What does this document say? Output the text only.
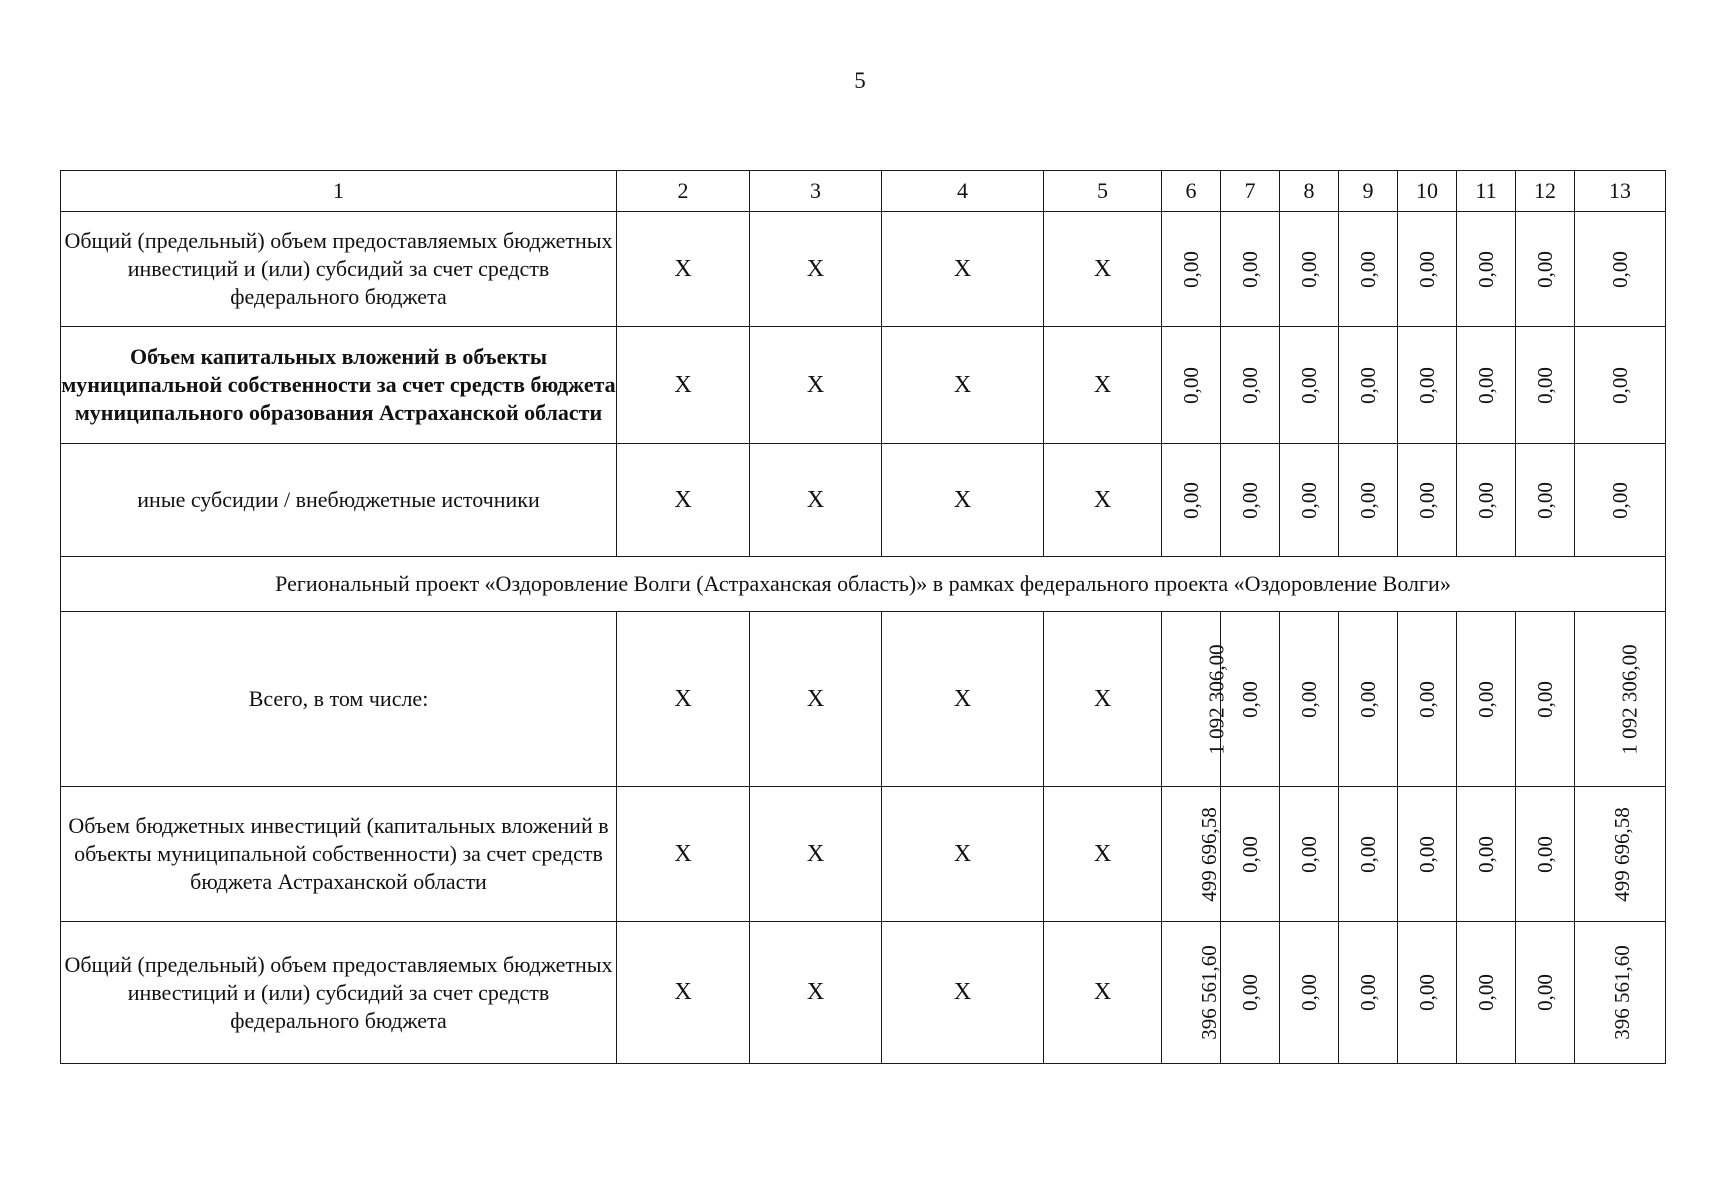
5
1	2	3	4	5	6	7	8	9	10	11	12	13
Общий (предельный) объем предоставляемых бюджетных инвестиций и (или) субсидий за счет средств федерального бюджета	X	X	X	X	0,00	0,00	0,00	0,00	0,00	0,00	0,00	0,00
Объем капитальных вложений в объекты муниципальной собственности за счет средств бюджета муниципального образования Астраханской области	X	X	X	X	0,00	0,00	0,00	0,00	0,00	0,00	0,00	0,00
иные субсидии / внебюджетные источники	X	X	X	X	0,00	0,00	0,00	0,00	0,00	0,00	0,00	0,00
Региональный проект «Оздоровление Волги (Астраханская область)» в рамках федерального проекта «Оздоровление Волги»												
Всего, в том числе:	X	X	X	X	1 092 306,00	0,00	0,00	0,00	0,00	0,00	0,00	1 092 306,00
Объем бюджетных инвестиций (капитальных вложений в объекты муниципальной собственности) за счет средств бюджета Астраханской области	X	X	X	X	499 696,58	0,00	0,00	0,00	0,00	0,00	0,00	499 696,58
Общий (предельный) объем предоставляемых бюджетных инвестиций и (или) субсидий за счет средств федерального бюджета	X	X	X	X	396 561,60	0,00	0,00	0,00	0,00	0,00	0,00	396 561,60
